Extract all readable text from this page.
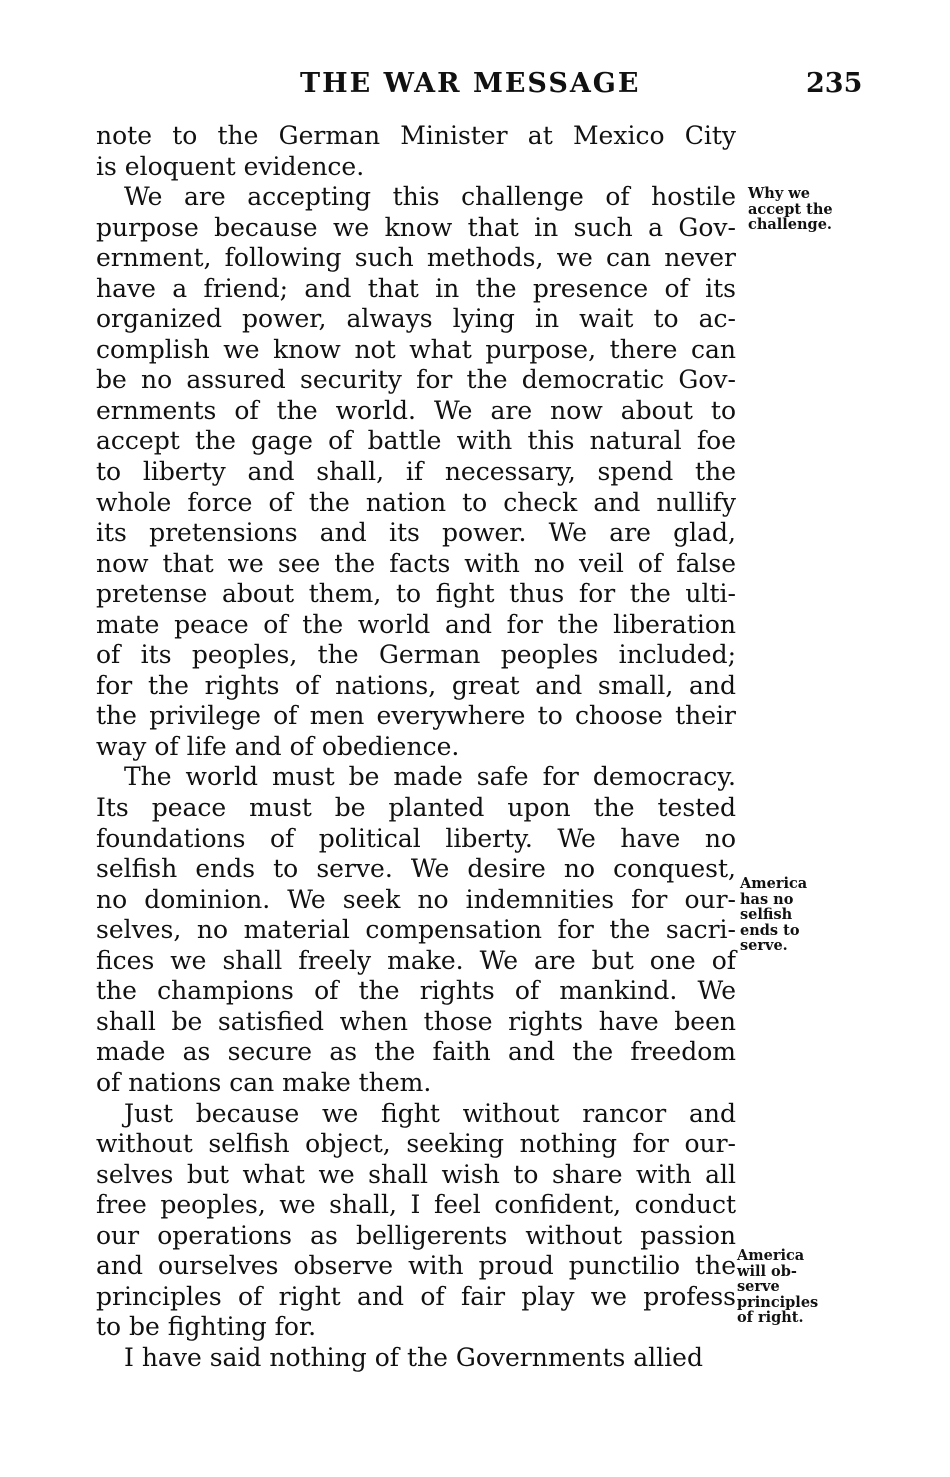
THE WAR MESSAGE	235
note to the German Minister at Mexico City
is eloquent evidence.
We are accepting this challenge of hostile
purpose because we know that in such a Gov-
ernment, following such methods, we can never
have a friend; and that in the presence of its
organized power, always lying in wait to ac-
complish we know not what purpose, there can
be no assured security for the democratic Gov-
ernments of the world. We are now about to
accept the gage of battle with this natural foe
to liberty and shall, if necessary, spend the
whole force of the nation to check and nullify
its pretensions and its power. We are glad,
now that we see the facts with no veil of false
pretense about them, to fight thus for the ulti-
mate peace of the world and for the liberation
of its peoples, the German peoples included;
for the rights of nations, great and small, and
the privilege of men everywhere to choose their
way of life and of obedience.
The world must be made safe for democracy.
Its peace must be planted upon the tested
foundations of political liberty. We have no
selfish ends to serve. We desire no conquest,
no dominion. We seek no indemnities for our-
selves, no material compensation for the sacri-
fices we shall freely make. We are but one of
the champions of the rights of mankind. We
shall be satisfied when those rights have been
made as secure as the faith and the freedom
of nations can make them.
Just because we fight without rancor and
without selfish object, seeking nothing for our-
selves but what we shall wish to share with all
free peoples, we shall, I feel confident, conduct
our operations as belligerents without passion
and ourselves observe with proud punctilio the
principles of right and of fair play we profess
to be fighting for.
I have said nothing of the Governments allied
Why we
accept the
challenge.
America
has no
selfish
ends to
serve.
America
will ob-
serve
principles
of right.
